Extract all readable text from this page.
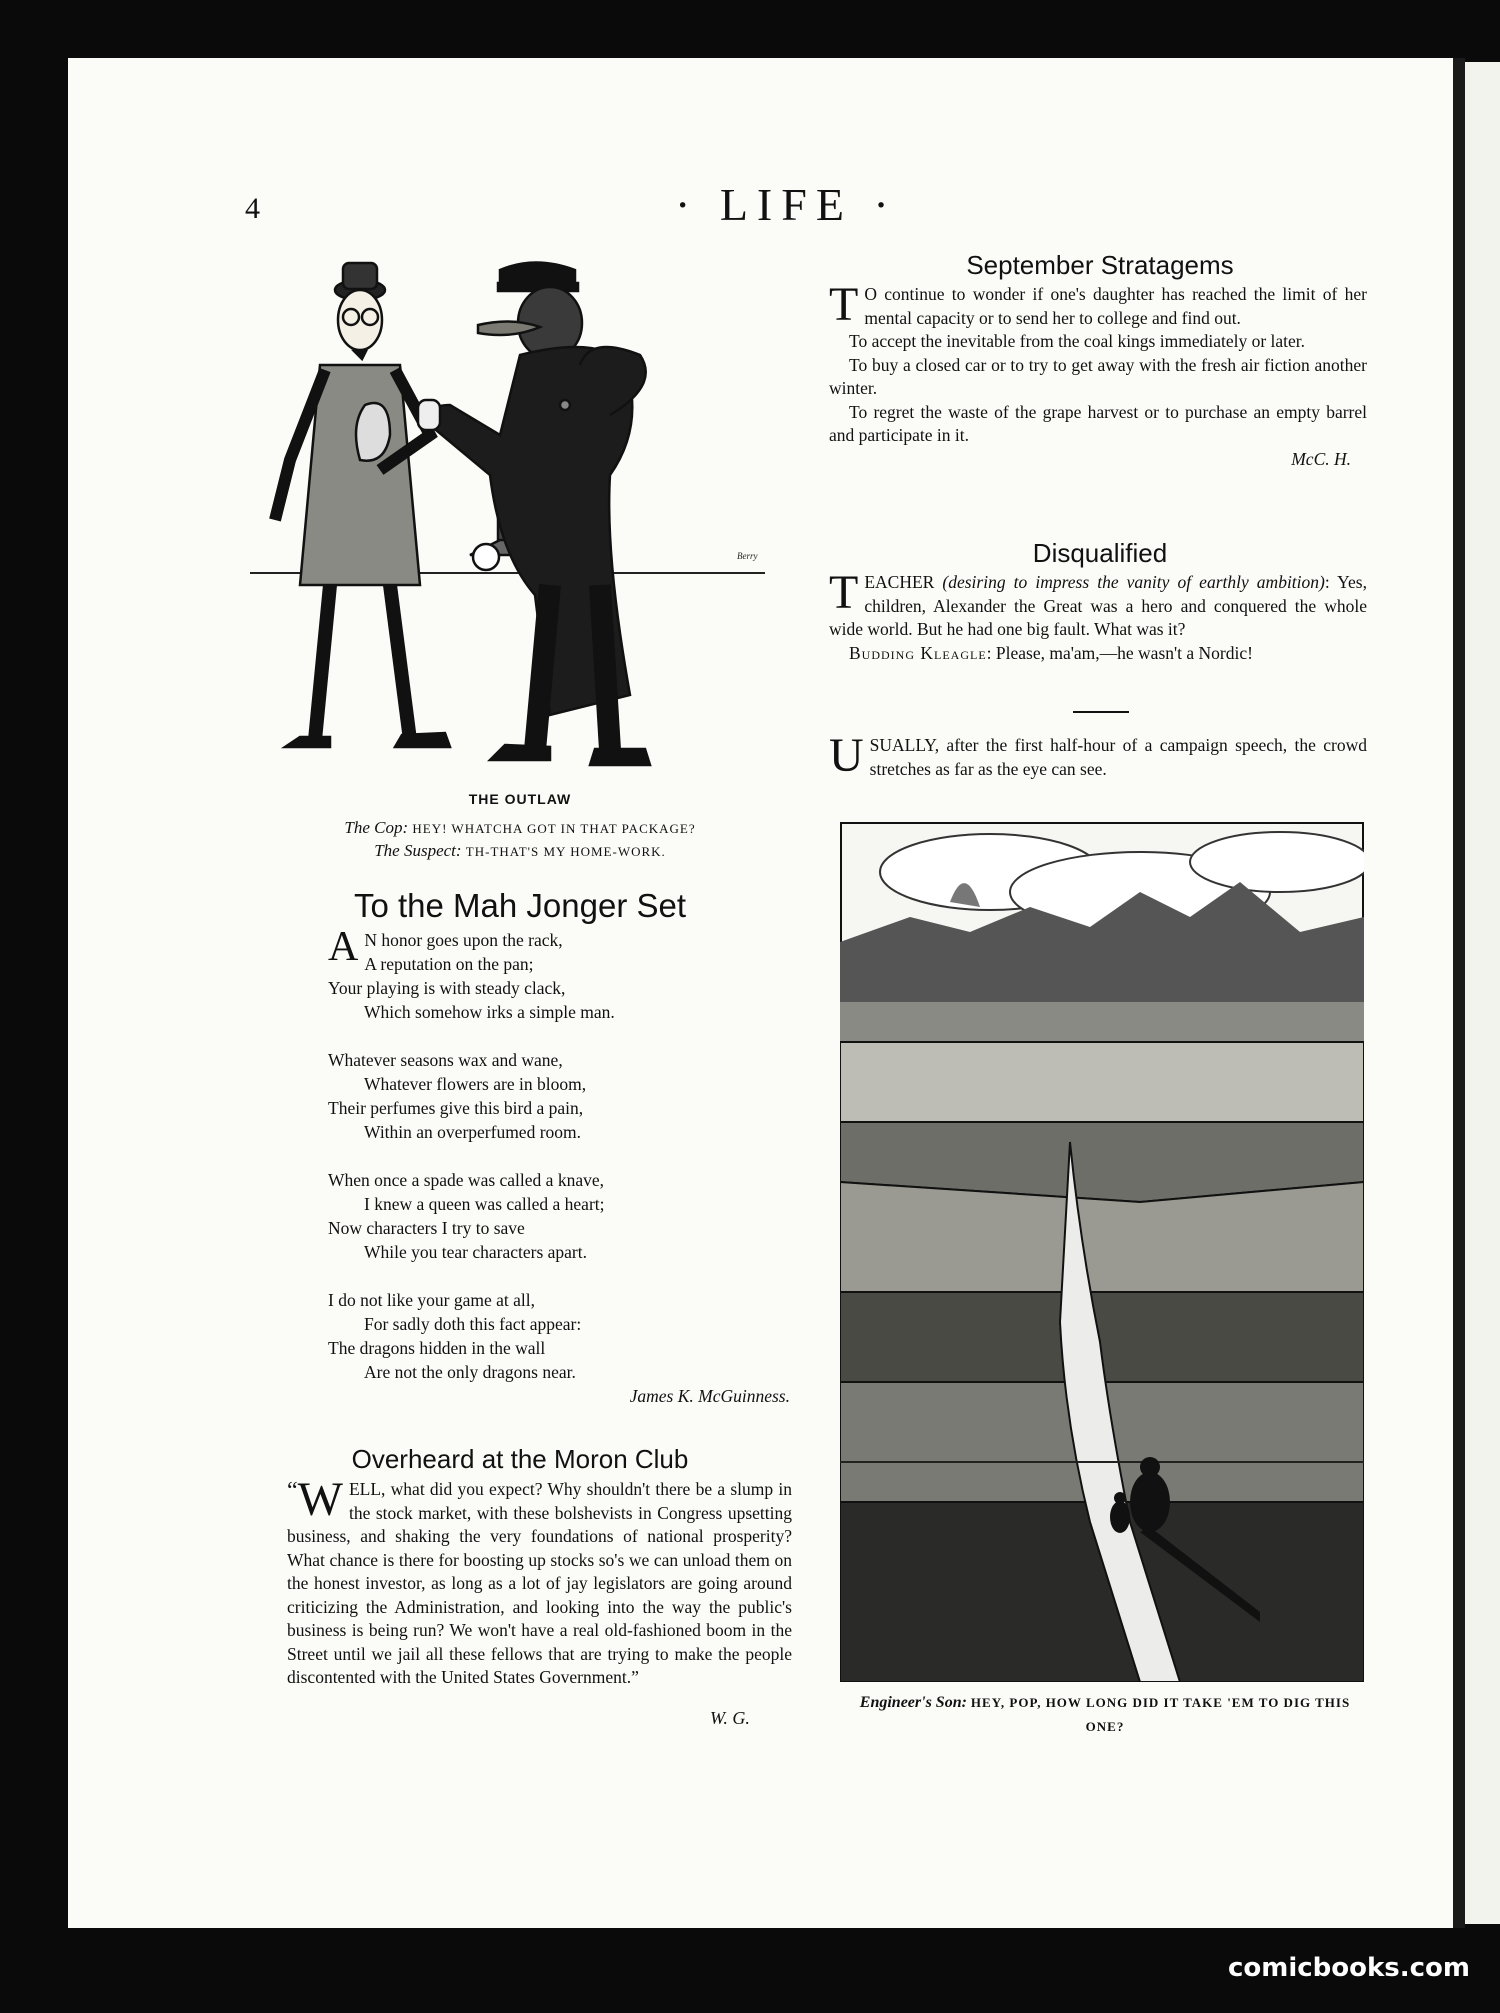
4	· LIFE ·
Berry
THE OUTLAW
The Cop: HEY! WHATCHA GOT IN THAT PACKAGE?
The Suspect: TH-THAT'S MY HOME-WORK.
To the Mah Jonger Set
A N honor goes upon the rack,
A reputation on the pan;
Your playing is with steady clack,
Which somehow irks a simple man.
Whatever seasons wax and wane,
Whatever flowers are in bloom,
Their perfumes give this bird a pain,
Within an overperfumed room.
When once a spade was called a knave,
I knew a queen was called a heart;
Now characters I try to save
While you tear characters apart.
I do not like your game at all,
For sadly doth this fact appear:
The dragons hidden in the wall
Are not the only dragons near.
James K. McGuinness.
Overheard at the Moron Club

“ W ELL, what did you expect? Why shouldn't there be a slump in the stock market, with these bolshevists in Congress upsetting business, and shaking the very foundations of national prosperity? What chance is there for boosting up stocks so's we can unload them on the honest investor, as long as a lot of jay legislators are going around criticizing the Administration, and looking into the way the public's business is being run? We won't have a real old-fashioned boom in the Street until we jail all these fellows that are trying to make the people discontented with the United States Government.”

W. G.
September Stratagems

T O continue to wonder if one's daughter has reached the limit of her mental capacity or to send her to college and find out.

To accept the inevitable from the coal kings immediately or later.

To buy a closed car or to try to get away with the fresh air fiction another winter.

To regret the waste of the grape harvest or to purchase an empty barrel and participate in it.

McC. H.
Disqualified

TEACHER (desiring to impress the vanity of earthly ambition): Yes, children, Alexander the Great was a hero and conquered the whole wide world. But he had one big fault. What was it?

Budding Kleagle: Please, ma'am,—he wasn't a Nordic!

USUALLY, after the first half-hour of a campaign speech, the crowd stretches as far as the eye can see.

Engineer's Son: HEY, POP, HOW LONG DID IT TAKE 'EM TO DIG THIS ONE?
comicbooks.com
